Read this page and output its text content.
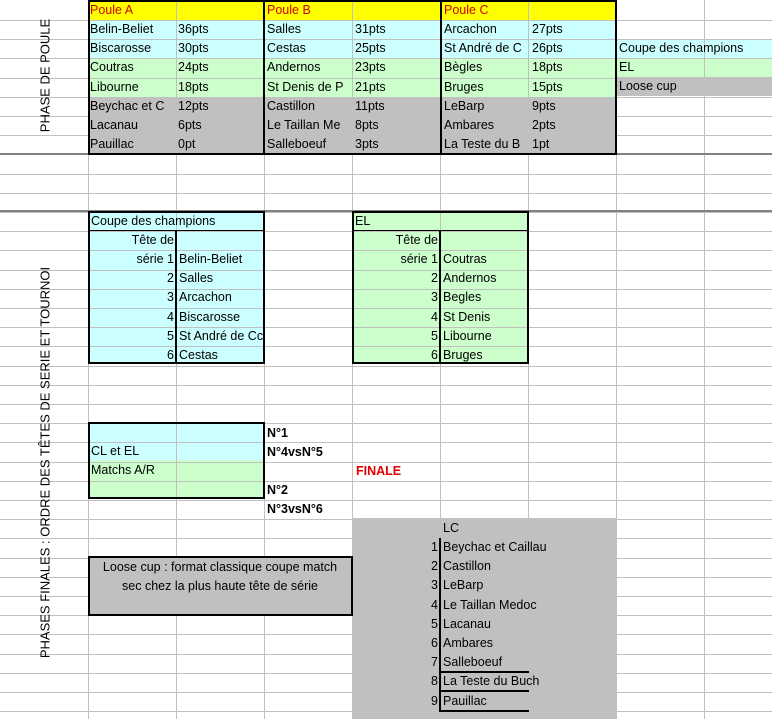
PHASE DE POULE
PHASES FINALES : ORDRE DES TÊTES DE SERIE ET TOURNOI
Poule A
Belin-Beliet	36pts
Biscarosse	30pts
Coutras	24pts
Libourne	18pts
Beychac et C	12pts
Lacanau	6pts
Pauillac	0pt
Poule B
Salles	31pts
Cestas	25pts
Andernos	23pts
St Denis de P 21pts
Castillon	11pts
Le Taillan Me	8pts
Salleboeuf	3pts
Poule C
Arcachon	27pts
St André de C 26pts
Bègles	18pts
Bruges	15pts
LeBarp	9pts
Ambares	2pts
La Teste du B 1pt
Coupe des champions
EL
Loose cup
Coupe des champions
Tête de
série 1 Belin-Beliet
2 Salles
3 Arcachon
4 Biscarosse
5 St André de Cc
6 Cestas
EL
Tête de
série 1 Coutras
2 Andernos
3 Begles
4 St Denis
5 Libourne
6 Bruges
CL et EL
Matchs A/R
N°1
N°4vsN°5
FINALE
N°2
N°3vsN°6
Loose cup : format classique coupe match sec chez la plus haute tête de série
LC
1 Beychac et Caillau
2 Castillon
3 LeBarp
4 Le Taillan Medoc
5 Lacanau
6 Ambares
7 Salleboeuf
8 La Teste du Buch
9 Pauillac
